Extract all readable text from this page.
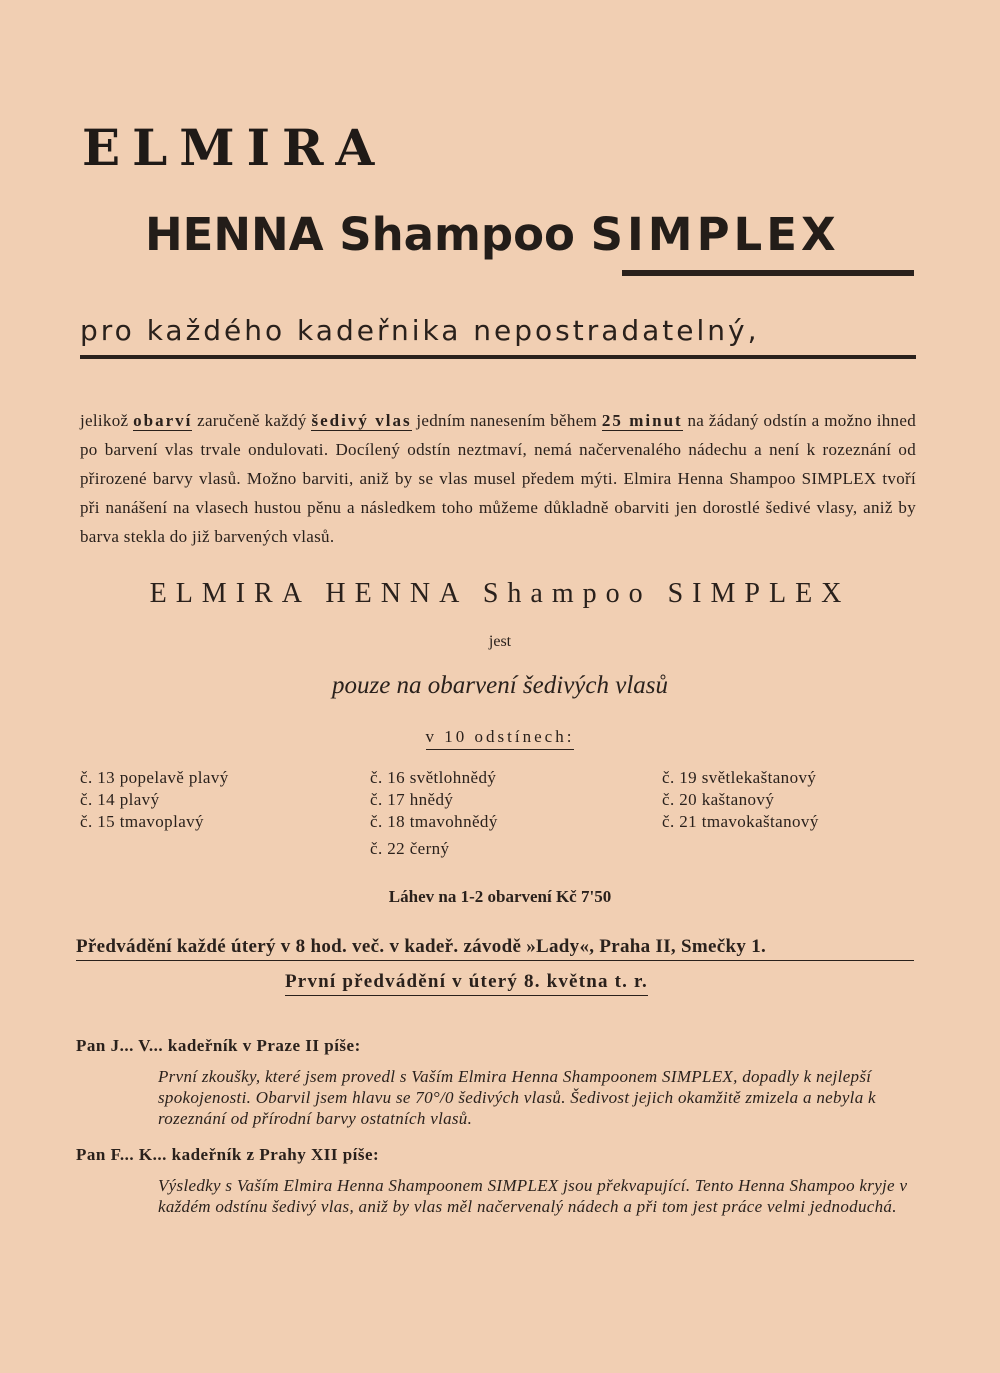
ELMIRA
HENNA Shampoo SIMPLEX
pro každého kadeřnika nepostradatelný,
jelikož obarví zaručeně každý šedivý vlas jedním nanesením během 25 minut na žádaný odstín a možno ihned po barvení vlas trvale ondulovati. Docílený odstín neztmaví, nemá načervenalého nádechu a není k rozeznání od přirozené barvy vlasů. Možno barviti, aniž by se vlas musel předem mýti. Elmira Henna Shampoo SIMPLEX tvoří při nanášení na vlasech hustou pěnu a následkem toho můžeme důkladně obarviti jen dorostlé šedivé vlasy, aniž by barva stekla do již barvených vlasů.
ELMIRA HENNA Shampoo SIMPLEX
jest
pouze na obarvení šedivých vlasů
v 10 odstínech:
č. 13 popelavě plavý
č. 14 plavý
č. 15 tmavoplavý
č. 16 světlohnědý
č. 17 hnědý
č. 18 tmavohnědý
č. 19 světlekaštanový
č. 20 kaštanový
č. 21 tmavokaštanový
č. 22 černý
Láhev na 1-2 obarvení Kč 7'50
Předvádění každé úterý v 8 hod. več. v kadeř. závodě »Lady«, Praha II, Smečky 1.
První předvádění v úterý 8. května t. r.
Pan J... V... kadeřník v Praze II píše:
První zkoušky, které jsem provedl s Vaším Elmira Henna Shampoonem SIMPLEX, dopadly k nejlepší spokojenosti. Obarvil jsem hlavu se 70°/0 šedivých vlasů. Šedivost jejich okamžitě zmizela a nebyla k rozeznání od přírodní barvy ostatních vlasů.
Pan F... K... kadeřník z Prahy XII píše:
Výsledky s Vaším Elmira Henna Shampoonem SIMPLEX jsou překvapující. Tento Henna Shampoo kryje v každém odstínu šedivý vlas, aniž by vlas měl načervenalý nádech a při tom jest práce velmi jednoduchá.
